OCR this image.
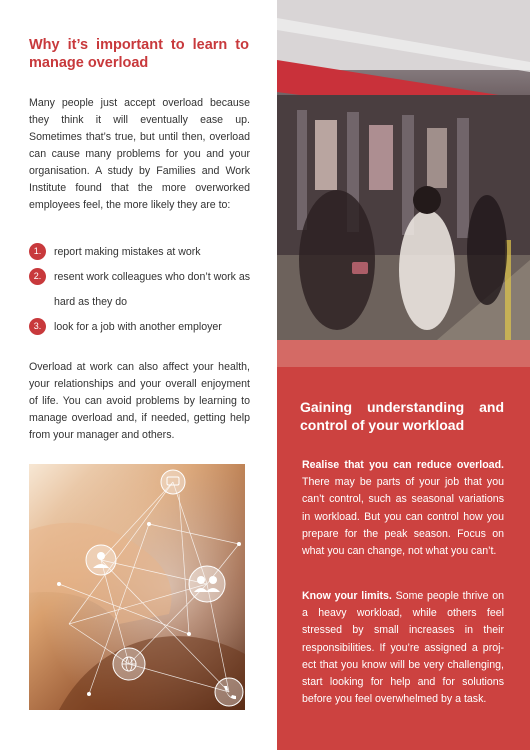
Why it’s important to learn to manage overload

Many people just accept overload because they think it will eventually ease up. Sometimes that’s true, but until then, overload can cause many problems for you and your organisation. A study by Families and Work Institute found that the more overworked employees feel, the more likely they are to:

1.	report making mistakes at work
2.	resent work colleagues who don’t work as hard as they do
3.	look for a job with another employer

Overload at work can also affect your health, your relationships and your overall enjoyment of life. You can avoid problems by learning to manage overload and, if needed, getting help from your manager and others.

Gaining understanding and control of your workload

Realise that you can reduce overload. There may be parts of your job that you can’t control, such as seasonal variations in workload. But you can control how you prepare for the peak season. Focus on what you can change, not what you can’t.

Know your limits. Some people thrive on a heavy workload, while others feel stressed by small increases in their responsibilities. If you’re assigned a proj-ect that you know will be very challenging, start looking for help and for solutions before you feel overwhelmed by a task.
